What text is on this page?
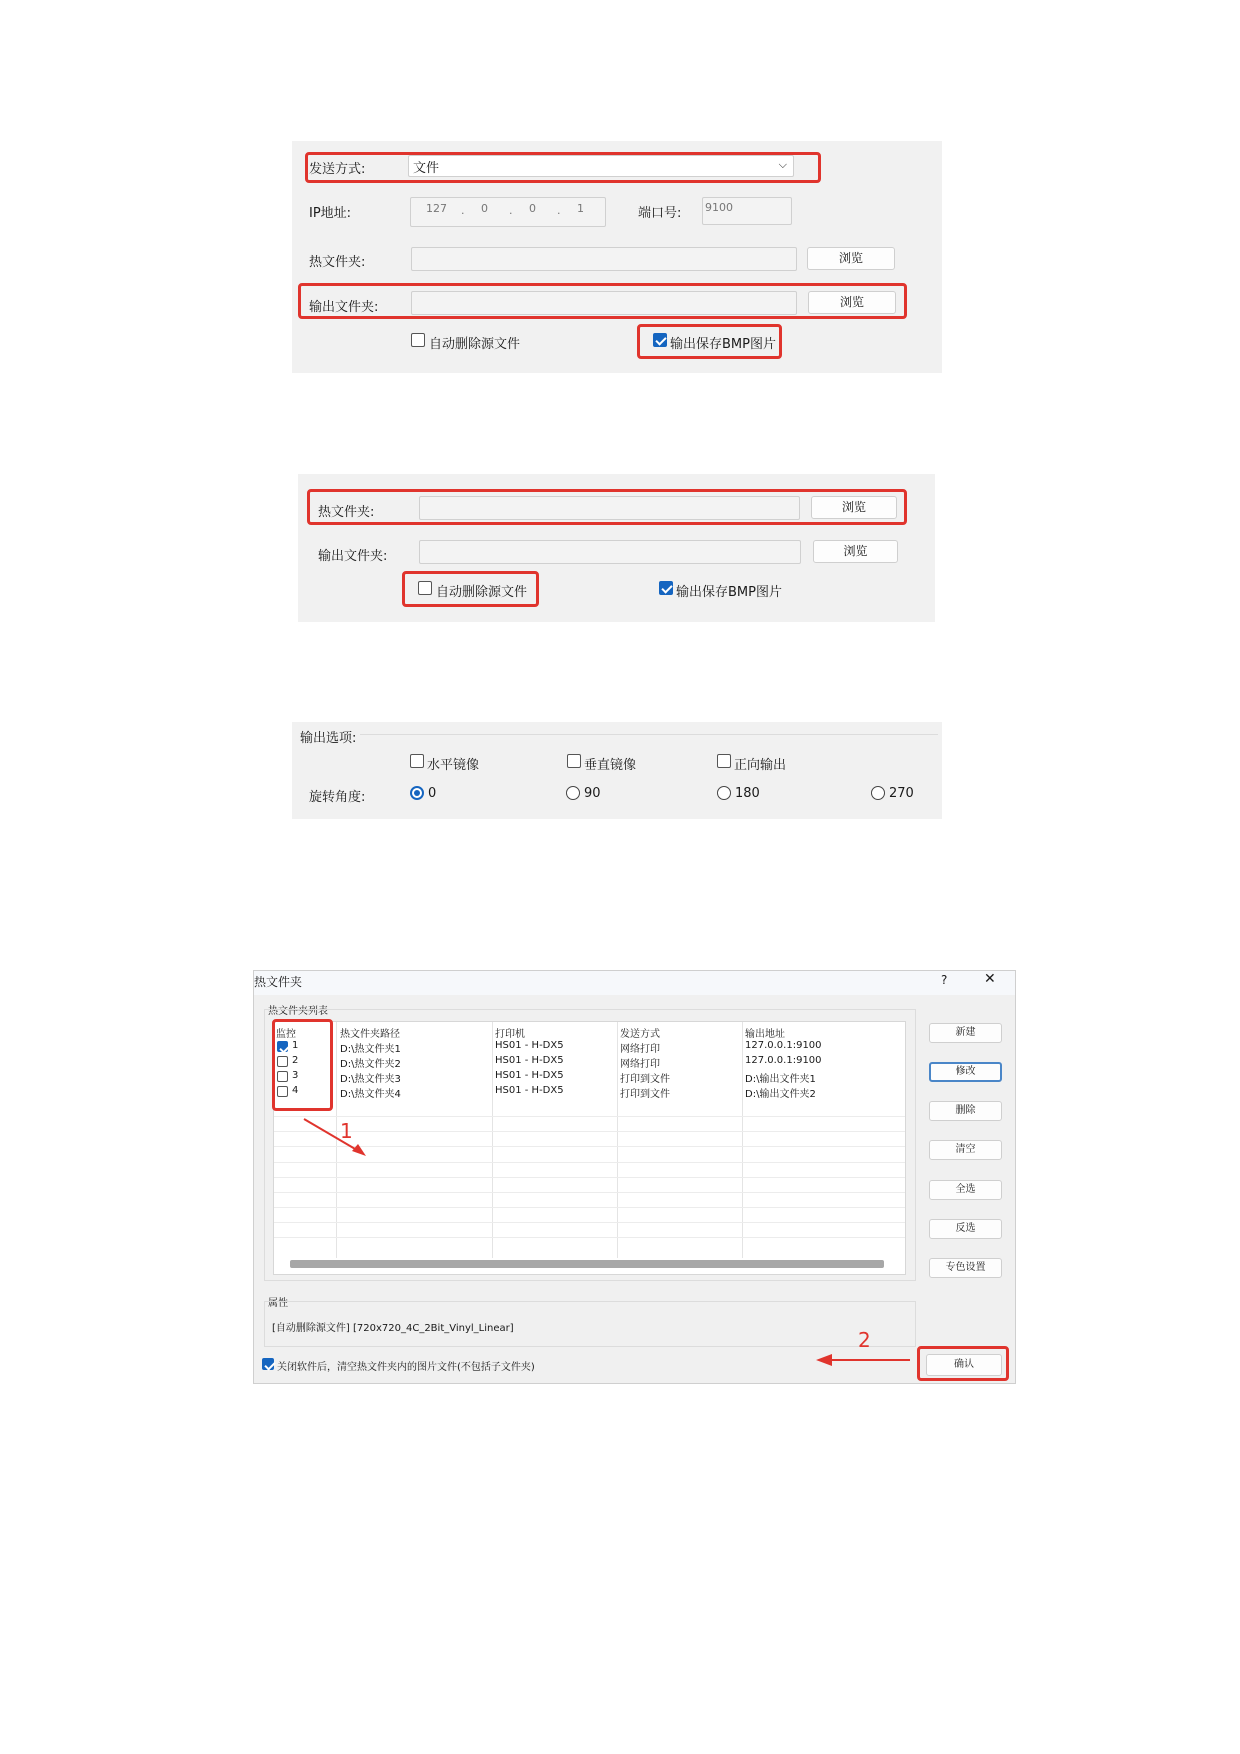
发送方式:	文件	⌵
IP地址:	127 . 0 . 0 . 1	端口号: 9100
热文件夹:	浏览
输出文件夹:	浏览
自动删除源文件	输出保存BMP图片
热文件夹:	浏览
输出文件夹:	浏览
自动删除源文件	输出保存BMP图片
输出选项:
水平镜像	垂直镜像	正向输出
旋转角度:	0	90	180	270
热文件夹	?	✕
热文件夹列表
监控	热文件夹路径	打印机	发送方式	输出地址
1	D:\热文件夹1	HS01 - H-DX5	网络打印	127.0.0.1:9100
2	D:\热文件夹2	HS01 - H-DX5	网络打印	127.0.0.1:9100
3	D:\热文件夹3	HS01 - H-DX5	打印到文件	D:\输出文件夹1
4	D:\热文件夹4	HS01 - H-DX5	打印到文件	D:\输出文件夹2
1
新建
修改
删除
清空
全选
反选
专色设置
属性
[自动删除源文件] [720x720_4C_2Bit_Vinyl_Linear]
关闭软件后，清空热文件夹内的图片文件(不包括子文件夹)	确认
2
